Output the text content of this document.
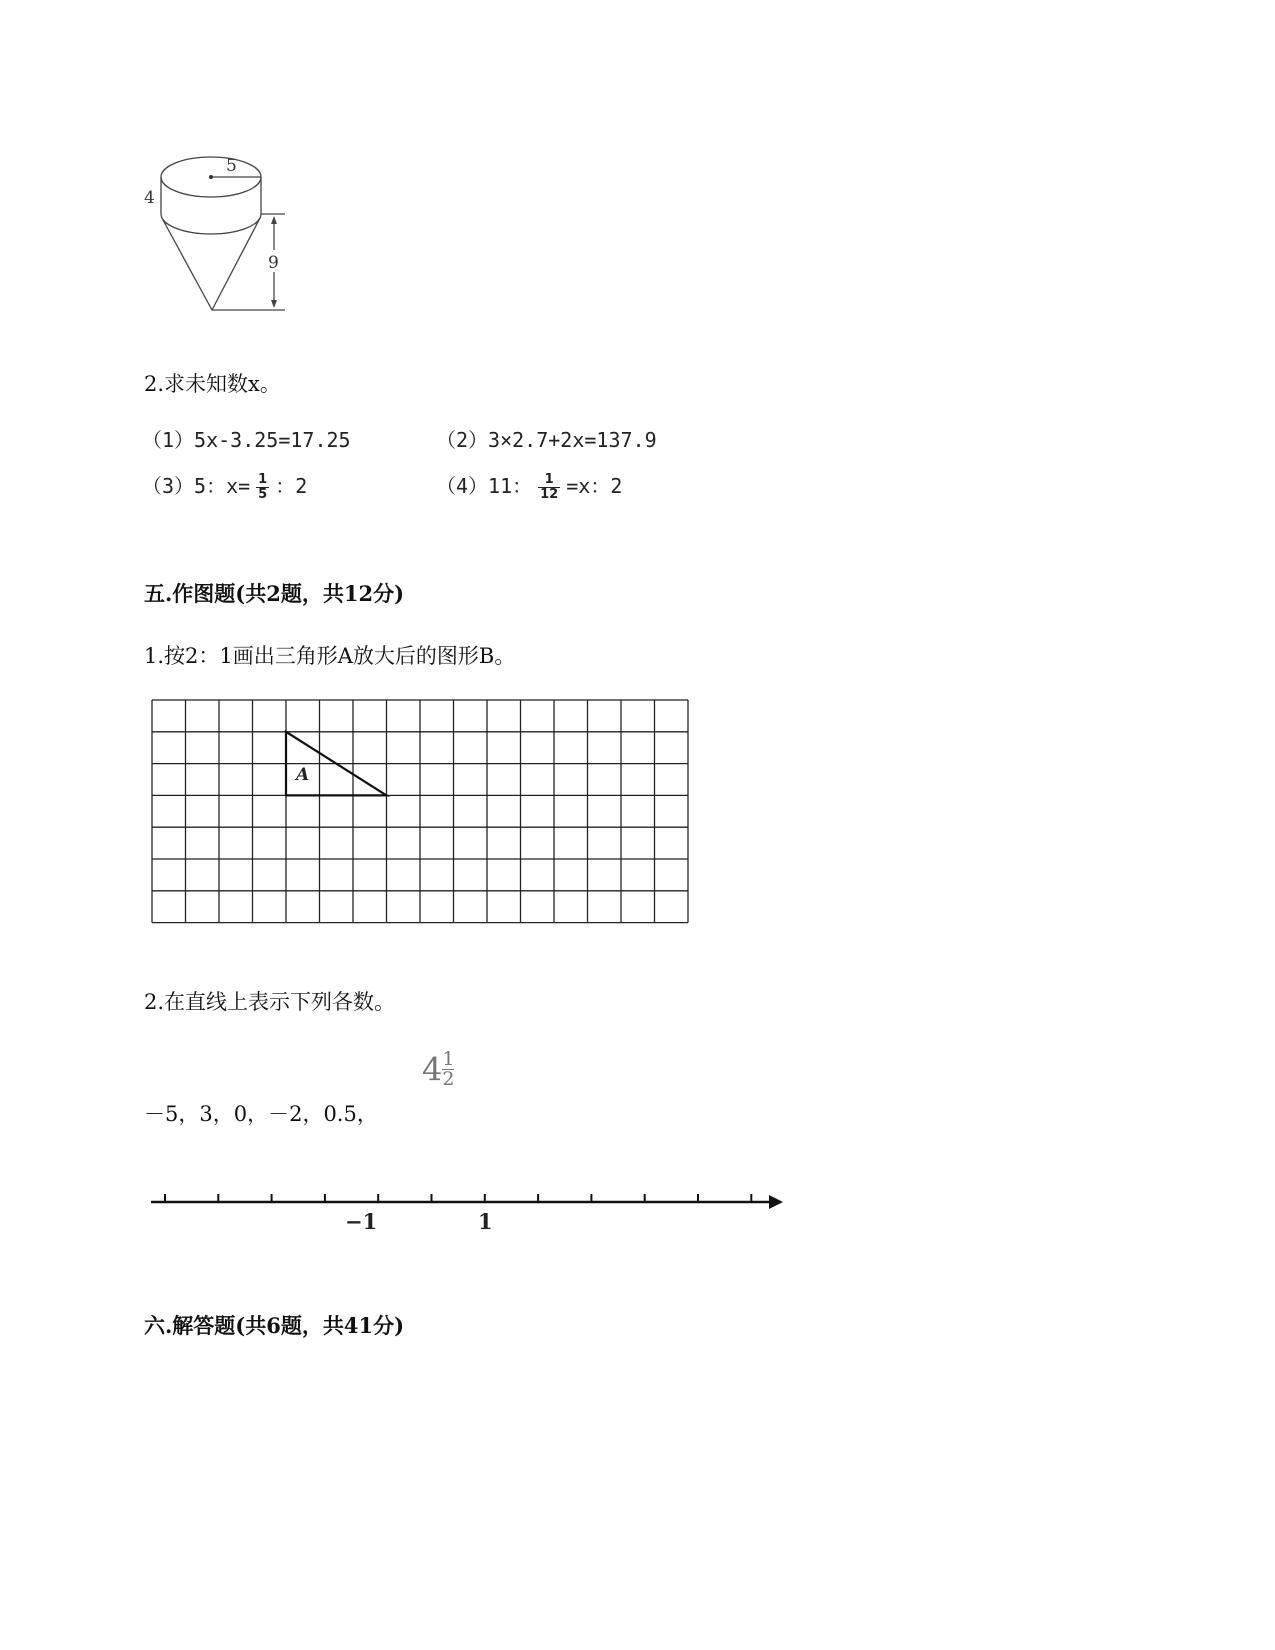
5
4
9
2.求未知数x。
（1）5x-3.25=17.25	（2）3×2.7+2x=137.9
（3）5：$x= \frac{1}{5}$ ：2	（4）11： $\frac{1}{12} =x$：2
五.作图题(共2题，共12分)
1.按2：1画出三角形A放大后的图形B。
A
2.在直线上表示下列各数。
－5，3，0，－2，0.5，
$4 \frac{1}{2}$
−1	1
六.解答题(共6题，共41分)
